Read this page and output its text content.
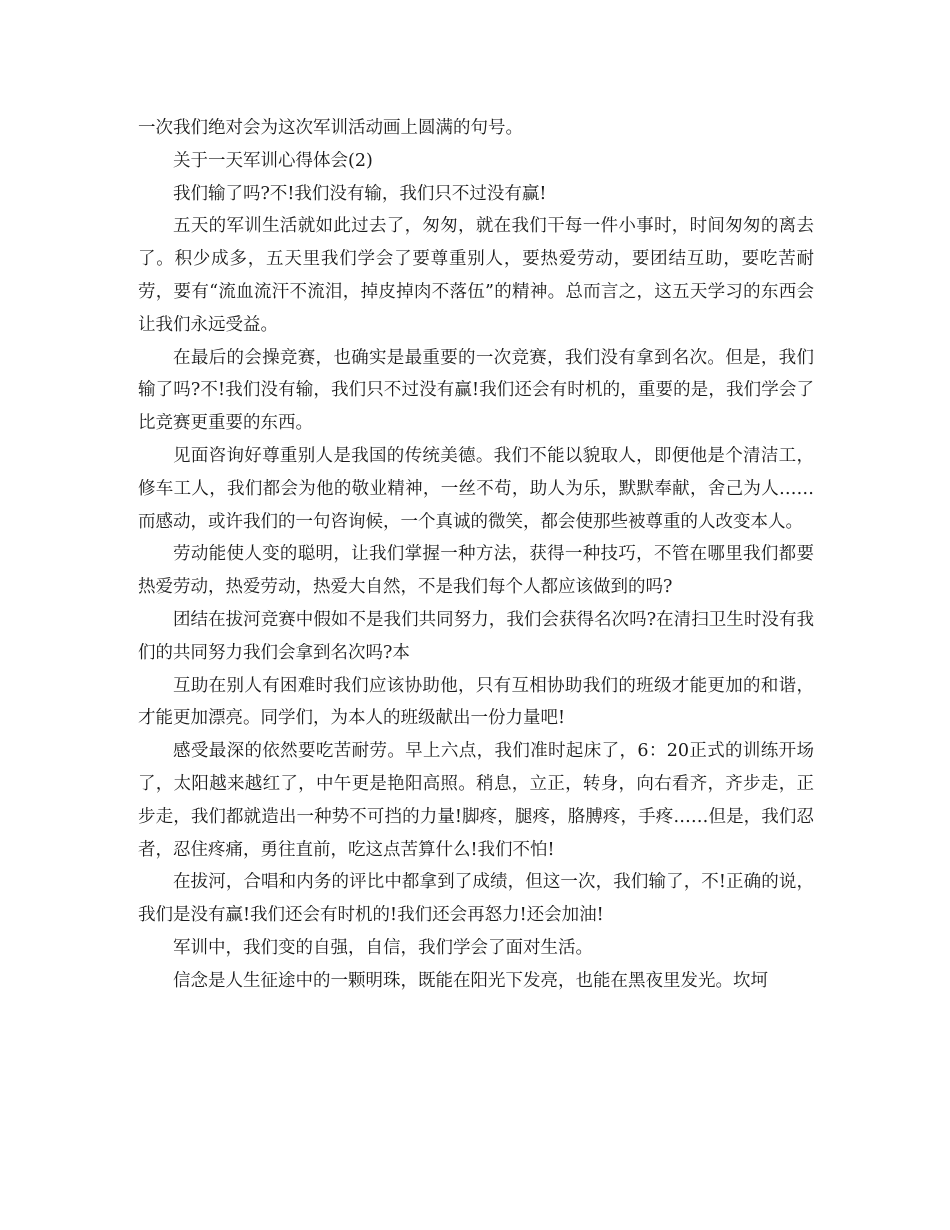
一次我们绝对会为这次军训活动画上圆满的句号。

关于一天军训心得体会(2)

我们输了吗?不!我们没有输，我们只不过没有赢!

五天的军训生活就如此过去了，匆匆，就在我们干每一件小事时，时间匆匆的离去了。积少成多，五天里我们学会了要尊重别人，要热爱劳动，要团结互助，要吃苦耐劳，要有“流血流汗不流泪，掉皮掉肉不落伍”的精神。总而言之，这五天学习的东西会让我们永远受益。

在最后的会操竞赛，也确实是最重要的一次竞赛，我们没有拿到名次。但是，我们输了吗?不!我们没有输，我们只不过没有赢!我们还会有时机的，重要的是，我们学会了比竞赛更重要的东西。

见面咨询好尊重别人是我国的传统美德。我们不能以貌取人，即便他是个清洁工，修车工人，我们都会为他的敬业精神，一丝不苟，助人为乐，默默奉献，舍己为人……而感动，或许我们的一句咨询候，一个真诚的微笑，都会使那些被尊重的人改变本人。

劳动能使人变的聪明，让我们掌握一种方法，获得一种技巧，不管在哪里我们都要热爱劳动，热爱劳动，热爱大自然，不是我们每个人都应该做到的吗?

团结在拔河竞赛中假如不是我们共同努力，我们会获得名次吗?在清扫卫生时没有我们的共同努力我们会拿到名次吗?本

互助在别人有困难时我们应该协助他，只有互相协助我们的班级才能更加的和谐，才能更加漂亮。同学们，为本人的班级献出一份力量吧!

感受最深的依然要吃苦耐劳。早上六点，我们准时起床了，6：20正式的训练开场了，太阳越来越红了，中午更是艳阳高照。稍息，立正，转身，向右看齐，齐步走，正步走，我们都就造出一种势不可挡的力量!脚疼，腿疼，胳膊疼，手疼……但是，我们忍者，忍住疼痛，勇往直前，吃这点苦算什么!我们不怕!

在拔河，合唱和内务的评比中都拿到了成绩，但这一次，我们输了，不!正确的说，我们是没有赢!我们还会有时机的!我们还会再怒力!还会加油!

军训中，我们变的自强，自信，我们学会了面对生活。

信念是人生征途中的一颗明珠，既能在阳光下发亮，也能在黑夜里发光。坎坷
